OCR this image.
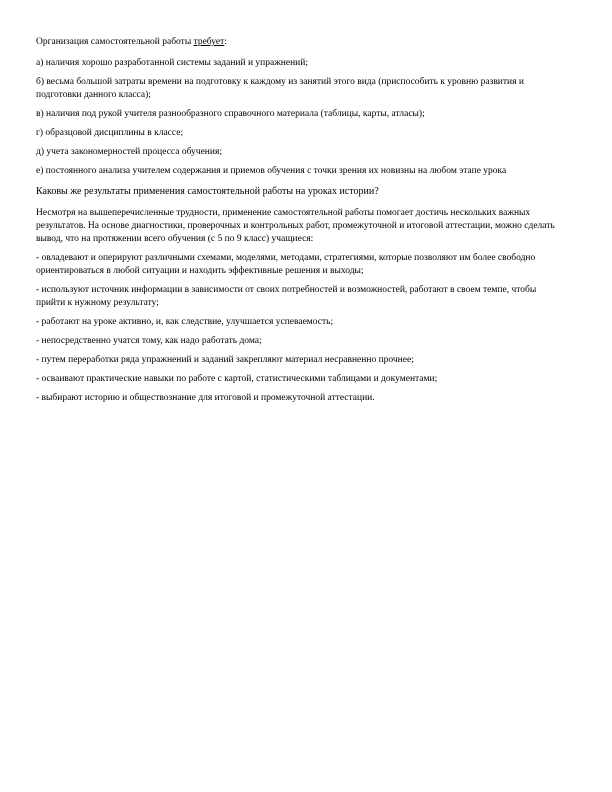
Организация самостоятельной работы требует:

а) наличия хорошо разработанной системы заданий и упражнений;

б) весьма большой затраты времени на подготовку к каждому из занятий этого вида (приспособить к уровню развития и подготовки данного класса);

в) наличия под рукой учителя разнообразного справочного материала (таблицы, карты, атласы);

г) образцовой дисциплины в классе;

д) учета закономерностей процесса обучения;

е) постоянного анализа учителем содержания и приемов обучения с точки зрения их новизны на любом этапе урока

Каковы же результаты применения самостоятельной работы на уроках истории?

Несмотря на вышеперечисленные трудности, применение самостоятельной работы помогает достичь нескольких важных результатов. На основе диагностики, проверочных и контрольных работ, промежуточной и итоговой аттестации, можно сделать вывод, что на протяжении всего обучения (с 5 по 9 класс) учащиеся:

- овладевают и оперируют различными схемами, моделями, методами, стратегиями, которые позволяют им более свободно ориентироваться в любой ситуации и находить эффективные решения и выходы;

- используют источник информации в зависимости от своих потребностей и возможностей, работают в своем темпе, чтобы прийти к нужному результату;

- работают на уроке активно, и, как следствие, улучшается успеваемость;

- непосредственно учатся тому, как надо работать дома;

- путем переработки ряда упражнений и заданий закрепляют материал несравненно прочнее;

- осваивают практические навыки по работе с картой, статистическими таблицами и документами;

- выбирают историю и обществознание для итоговой и промежуточной аттестации.
